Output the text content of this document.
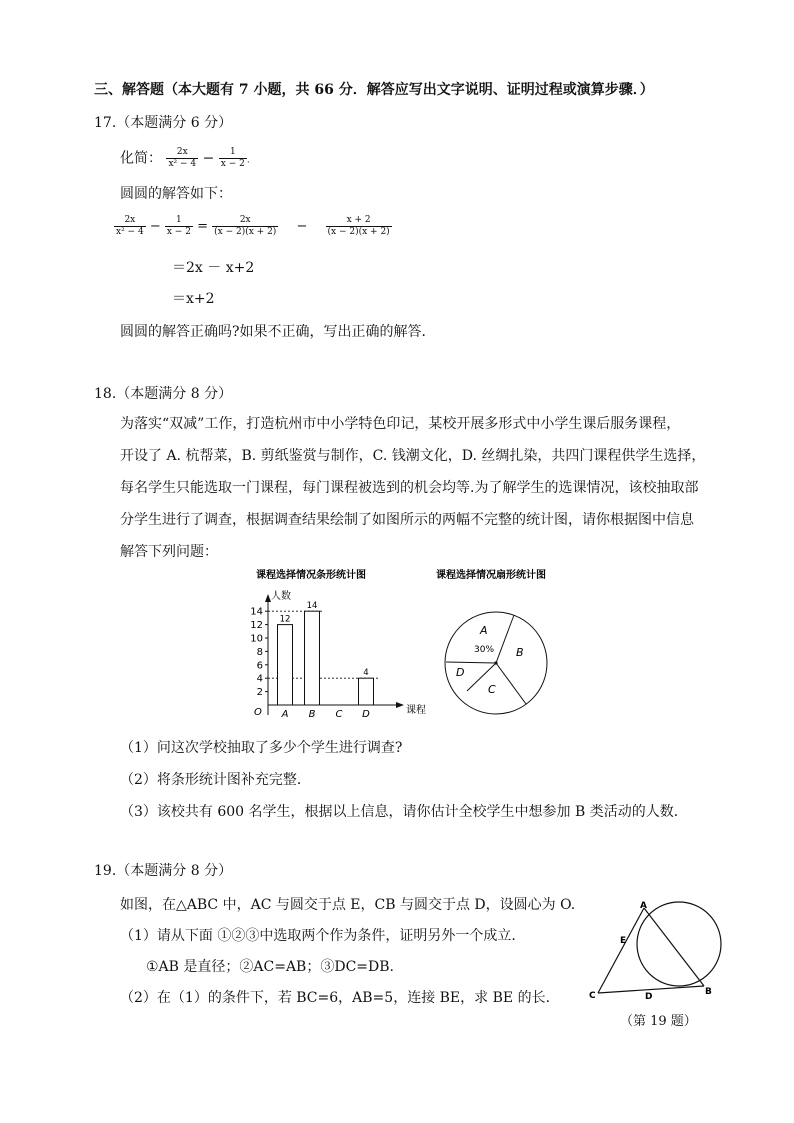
三、解答题（本大题有 7 小题，共 66 分．解答应写出文字说明、证明过程或演算步骤．）
17.（本题满分 6 分）
化简： $\frac{2x}{\text{x² − 4}} - \frac{1}{x - 2}$ .
圆圆的解答如下：
$\frac{2x}{\text{x² − 4}} - \frac{1}{x - 2} = \frac{2x}{(x - 2)(x + 2)} - \frac{x + 2}{(x - 2)(x + 2)}$
＝2x － x+2
＝x+2
圆圆的解答正确吗?如果不正确，写出正确的解答．
18.（本题满分 8 分）
为落实“双减”工作，打造杭州市中小学特色印记，某校开展多形式中小学生课后服务课程，
开设了 A. 杭帮菜，B. 剪纸鉴赏与制作，C. 钱潮文化，D. 丝绸扎染，共四门课程供学生选择，
每名学生只能选取一门课程，每门课程被选到的机会均等.为了解学生的选课情况，该校抽取部
分学生进行了调查，根据调查结果绘制了如图所示的两幅不完整的统计图，请你根据图中信息
解答下列问题：
课程选择情况条形统计图
人数
课程
O
2
4
6
8
10
12
14
12
A
14
B C
4
D
课程选择情况扇形统计图
A
30% B
C
D
（1）问这次学校抽取了多少个学生进行调查?
（2）将条形统计图补充完整．
（3）该校共有 600 名学生，根据以上信息，请你估计全校学生中想参加 B 类活动的人数．
19.（本题满分 8 分）
如图，在△ABC 中，AC 与圆交于点 E，CB 与圆交于点 D，设圆心为 O.
（1）请从下面 ①②③中选取两个作为条件，证明另外一个成立.
①AB 是直径；②AC=AB；③DC=DB.
（2）在（1）的条件下，若 BC=6，AB=5，连接 BE，求 BE 的长.
A
E
C	D	B
（第 19 题）
